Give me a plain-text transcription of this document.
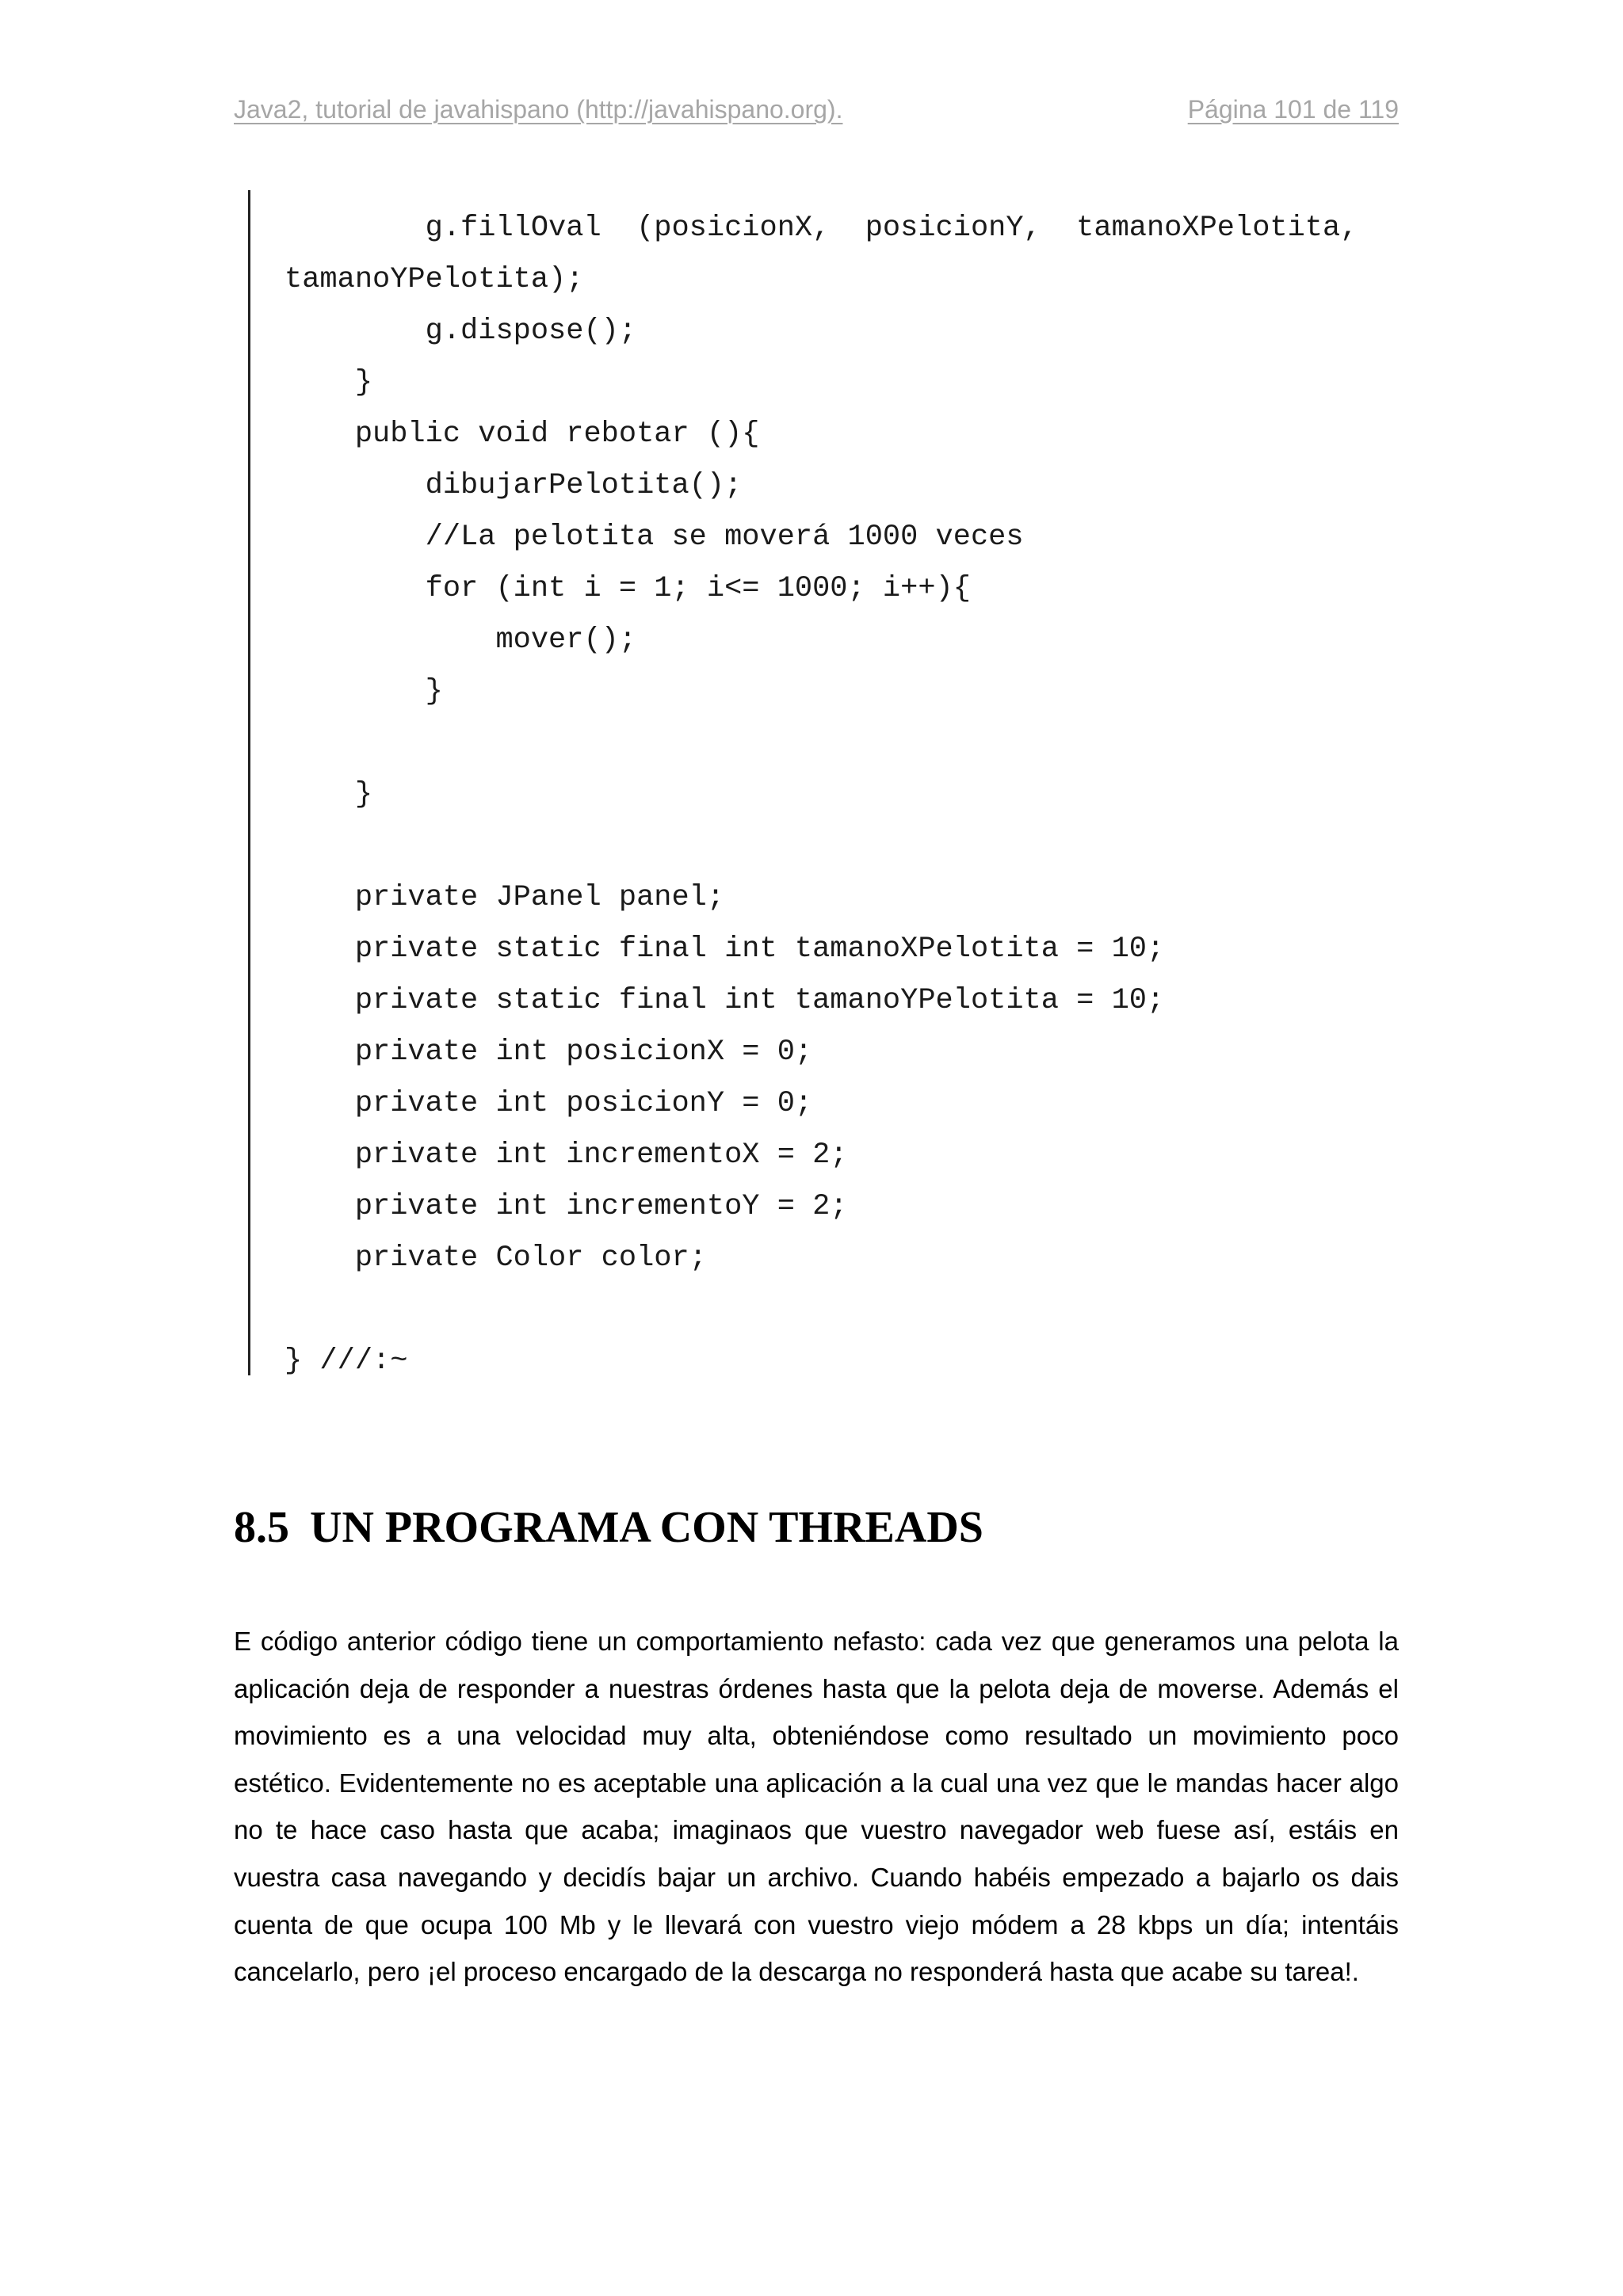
Java2, tutorial de javahispano (http://javahispano.org).	Página 101 de 119
g.fillOval  (posicionX,  posicionY,  tamanoXPelotita,
tamanoYPelotita);
g.dispose();
}
public void rebotar (){
dibujarPelotita();
//La pelotita se moverá 1000 veces
for (int i = 1; i<= 1000; i++){
mover();
}
}
private JPanel panel;
private static final int tamanoXPelotita = 10;
private static final int tamanoYPelotita = 10;
private int posicionX = 0;
private int posicionY = 0;
private int incrementoX = 2;
private int incrementoY = 2;
private Color color;
} ///:~
8.5 UN PROGRAMA CON THREADS
E código anterior código tiene un comportamiento nefasto: cada vez que generamos una pelota la aplicación deja de responder a nuestras órdenes hasta que la pelota deja de moverse. Además el movimiento es a una velocidad muy alta, obteniéndose como resultado un movimiento poco estético. Evidentemente no es aceptable una aplicación a la cual una vez que le mandas hacer algo no te hace caso hasta que acaba; imaginaos que vuestro navegador web fuese así, estáis en vuestra casa navegando y decidís bajar un archivo. Cuando habéis empezado a bajarlo os dais cuenta de que ocupa 100 Mb y le llevará con vuestro viejo módem a 28 kbps un día; intentáis cancelarlo, pero ¡el proceso encargado de la descarga no responderá hasta que acabe su tarea!.
